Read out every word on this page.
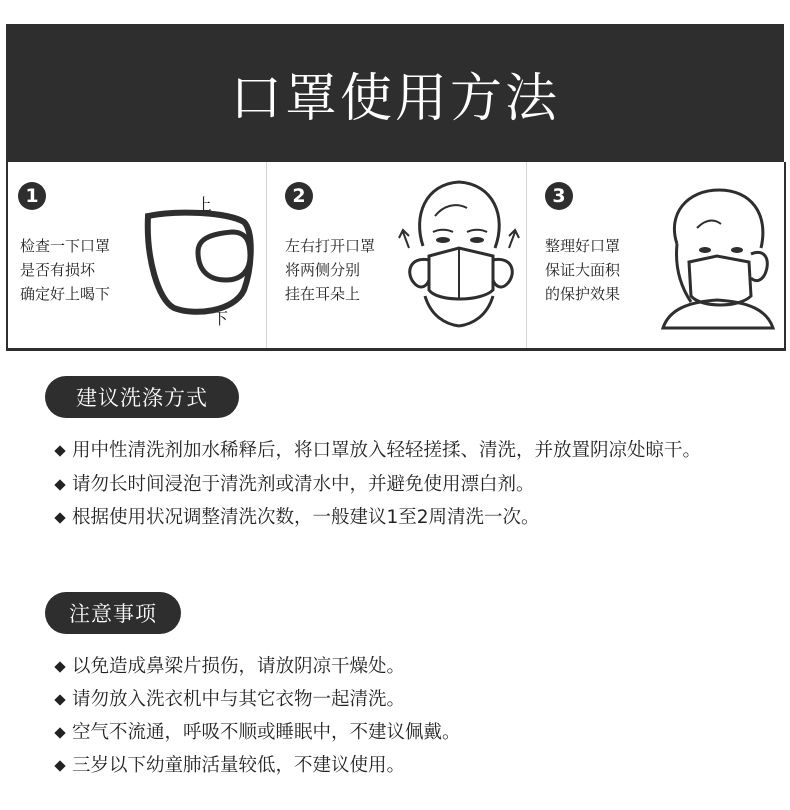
口罩使用方法
1
检查一下口罩
是否有损坏
确定好上喝下
上
下
2
左右打开口罩
将两侧分别
挂在耳朵上
3
整理好口罩
保证大面积
的保护效果
建议洗涤方式
用中性清洗剂加水稀释后，将口罩放入轻轻搓揉、清洗，并放置阴凉处晾干。
请勿长时间浸泡于清洗剂或清水中，并避免使用漂白剂。
根据使用状况调整清洗次数，一般建议1至2周清洗一次。
注意事项
以免造成鼻梁片损伤，请放阴凉干燥处。
请勿放入洗衣机中与其它衣物一起清洗。
空气不流通，呼吸不顺或睡眠中，不建议佩戴。
三岁以下幼童肺活量较低，不建议使用。
